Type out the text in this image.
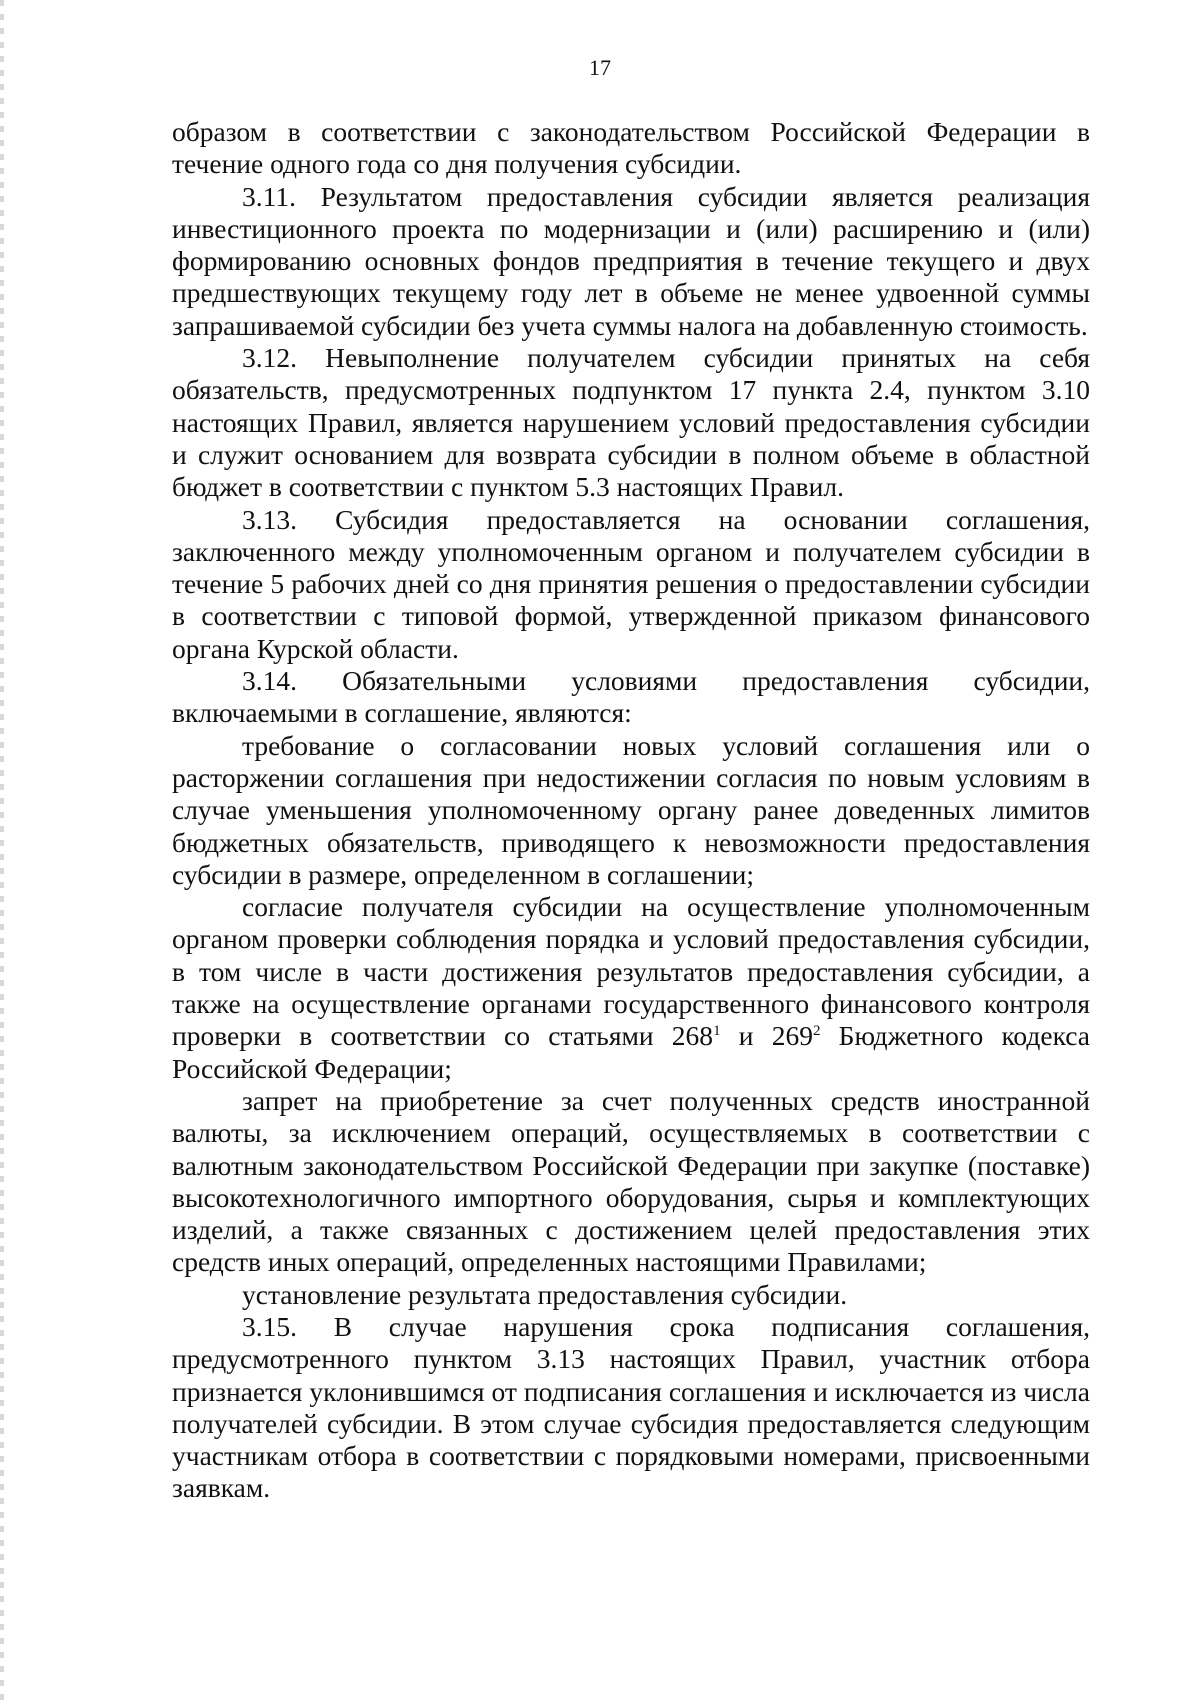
17

образом в соответствии с законодательством Российской Федерации в течение одного года со дня получения субсидии.

3.11. Результатом предоставления субсидии является реализация инвестиционного проекта по модернизации и (или) расширению и (или) формированию основных фондов предприятия в течение текущего и двух предшествующих текущему году лет в объеме не менее удвоенной суммы запрашиваемой субсидии без учета суммы налога на добавленную стоимость.

3.12. Невыполнение получателем субсидии принятых на себя обязательств, предусмотренных подпунктом 17 пункта 2.4, пунктом 3.10 настоящих Правил, является нарушением условий предоставления субсидии и служит основанием для возврата субсидии в полном объеме в областной бюджет в соответствии с пунктом 5.3 настоящих Правил.

3.13. Субсидия предоставляется на основании соглашения, заключенного между уполномоченным органом и получателем субсидии в течение 5 рабочих дней со дня принятия решения о предоставлении субсидии в соответствии с типовой формой, утвержденной приказом финансового органа Курской области.

3.14. Обязательными условиями предоставления субсидии, включаемыми в соглашение, являются:

требование о согласовании новых условий соглашения или о расторжении соглашения при недостижении согласия по новым условиям в случае уменьшения уполномоченному органу ранее доведенных лимитов бюджетных обязательств, приводящего к невозможности предоставления субсидии в размере, определенном в соглашении;

согласие получателя субсидии на осуществление уполномоченным органом проверки соблюдения порядка и условий предоставления субсидии, в том числе в части достижения результатов предоставления субсидии, а также на осуществление органами государственного финансового контроля проверки в соответствии со статьями $268^1$ и $269^2$ Бюджетного кодекса Российской Федерации;

запрет на приобретение за счет полученных средств иностранной валюты, за исключением операций, осуществляемых в соответствии с валютным законодательством Российской Федерации при закупке (поставке) высокотехнологичного импортного оборудования, сырья и комплектующих изделий, а также связанных с достижением целей предоставления этих средств иных операций, определенных настоящими Правилами;

установление результата предоставления субсидии.

3.15. В случае нарушения срока подписания соглашения, предусмотренного пунктом 3.13 настоящих Правил, участник отбора признается уклонившимся от подписания соглашения и исключается из числа получателей субсидии. В этом случае субсидия предоставляется следующим участникам отбора в соответствии с порядковыми номерами, присвоенными заявкам.
